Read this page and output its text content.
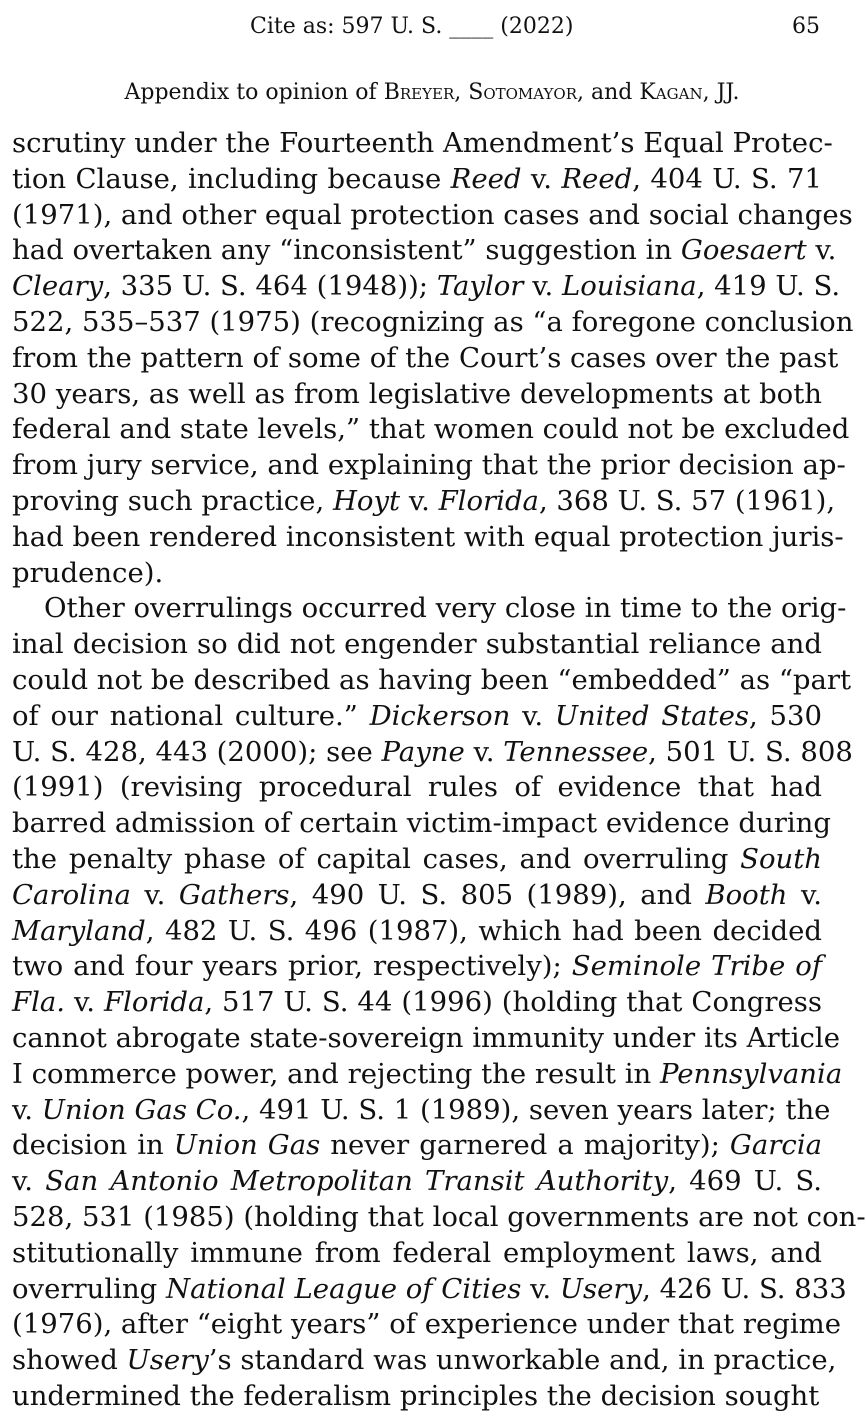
Cite as: 597 U. S. ____ (2022)	65
Appendix to opinion of Breyer, Sotomayor, and Kagan, JJ.
scrutiny under the Fourteenth Amendment’s Equal Protec-
tion Clause, including because Reed v. Reed, 404 U. S. 71
(1971), and other equal protection cases and social changes
had overtaken any “inconsistent” suggestion in Goesaert v.
Cleary, 335 U. S. 464 (1948)); Taylor v. Louisiana, 419 U. S.
522, 535–537 (1975) (recognizing as “a foregone conclusion
from the pattern of some of the Court’s cases over the past
30 years, as well as from legislative developments at both
federal and state levels,” that women could not be excluded
from jury service, and explaining that the prior decision ap-
proving such practice, Hoyt v. Florida, 368 U. S. 57 (1961),
had been rendered inconsistent with equal protection juris-
prudence).
Other overrulings occurred very close in time to the orig-
inal decision so did not engender substantial reliance and
could not be described as having been “embedded” as “part
of our national culture.” Dickerson v. United States, 530
U. S. 428, 443 (2000); see Payne v. Tennessee, 501 U. S. 808
(1991) (revising procedural rules of evidence that had
barred admission of certain victim-impact evidence during
the penalty phase of capital cases, and overruling South
Carolina v. Gathers, 490 U. S. 805 (1989), and Booth v.
Maryland, 482 U. S. 496 (1987), which had been decided
two and four years prior, respectively); Seminole Tribe of
Fla. v. Florida, 517 U. S. 44 (1996) (holding that Congress
cannot abrogate state-sovereign immunity under its Article
I commerce power, and rejecting the result in Pennsylvania
v. Union Gas Co., 491 U. S. 1 (1989), seven years later; the
decision in Union Gas never garnered a majority); Garcia
v. San Antonio Metropolitan Transit Authority, 469 U. S.
528, 531 (1985) (holding that local governments are not con-
stitutionally immune from federal employment laws, and
overruling National League of Cities v. Usery, 426 U. S. 833
(1976), after “eight years” of experience under that regime
showed Usery’s standard was unworkable and, in practice,
undermined the federalism principles the decision sought
